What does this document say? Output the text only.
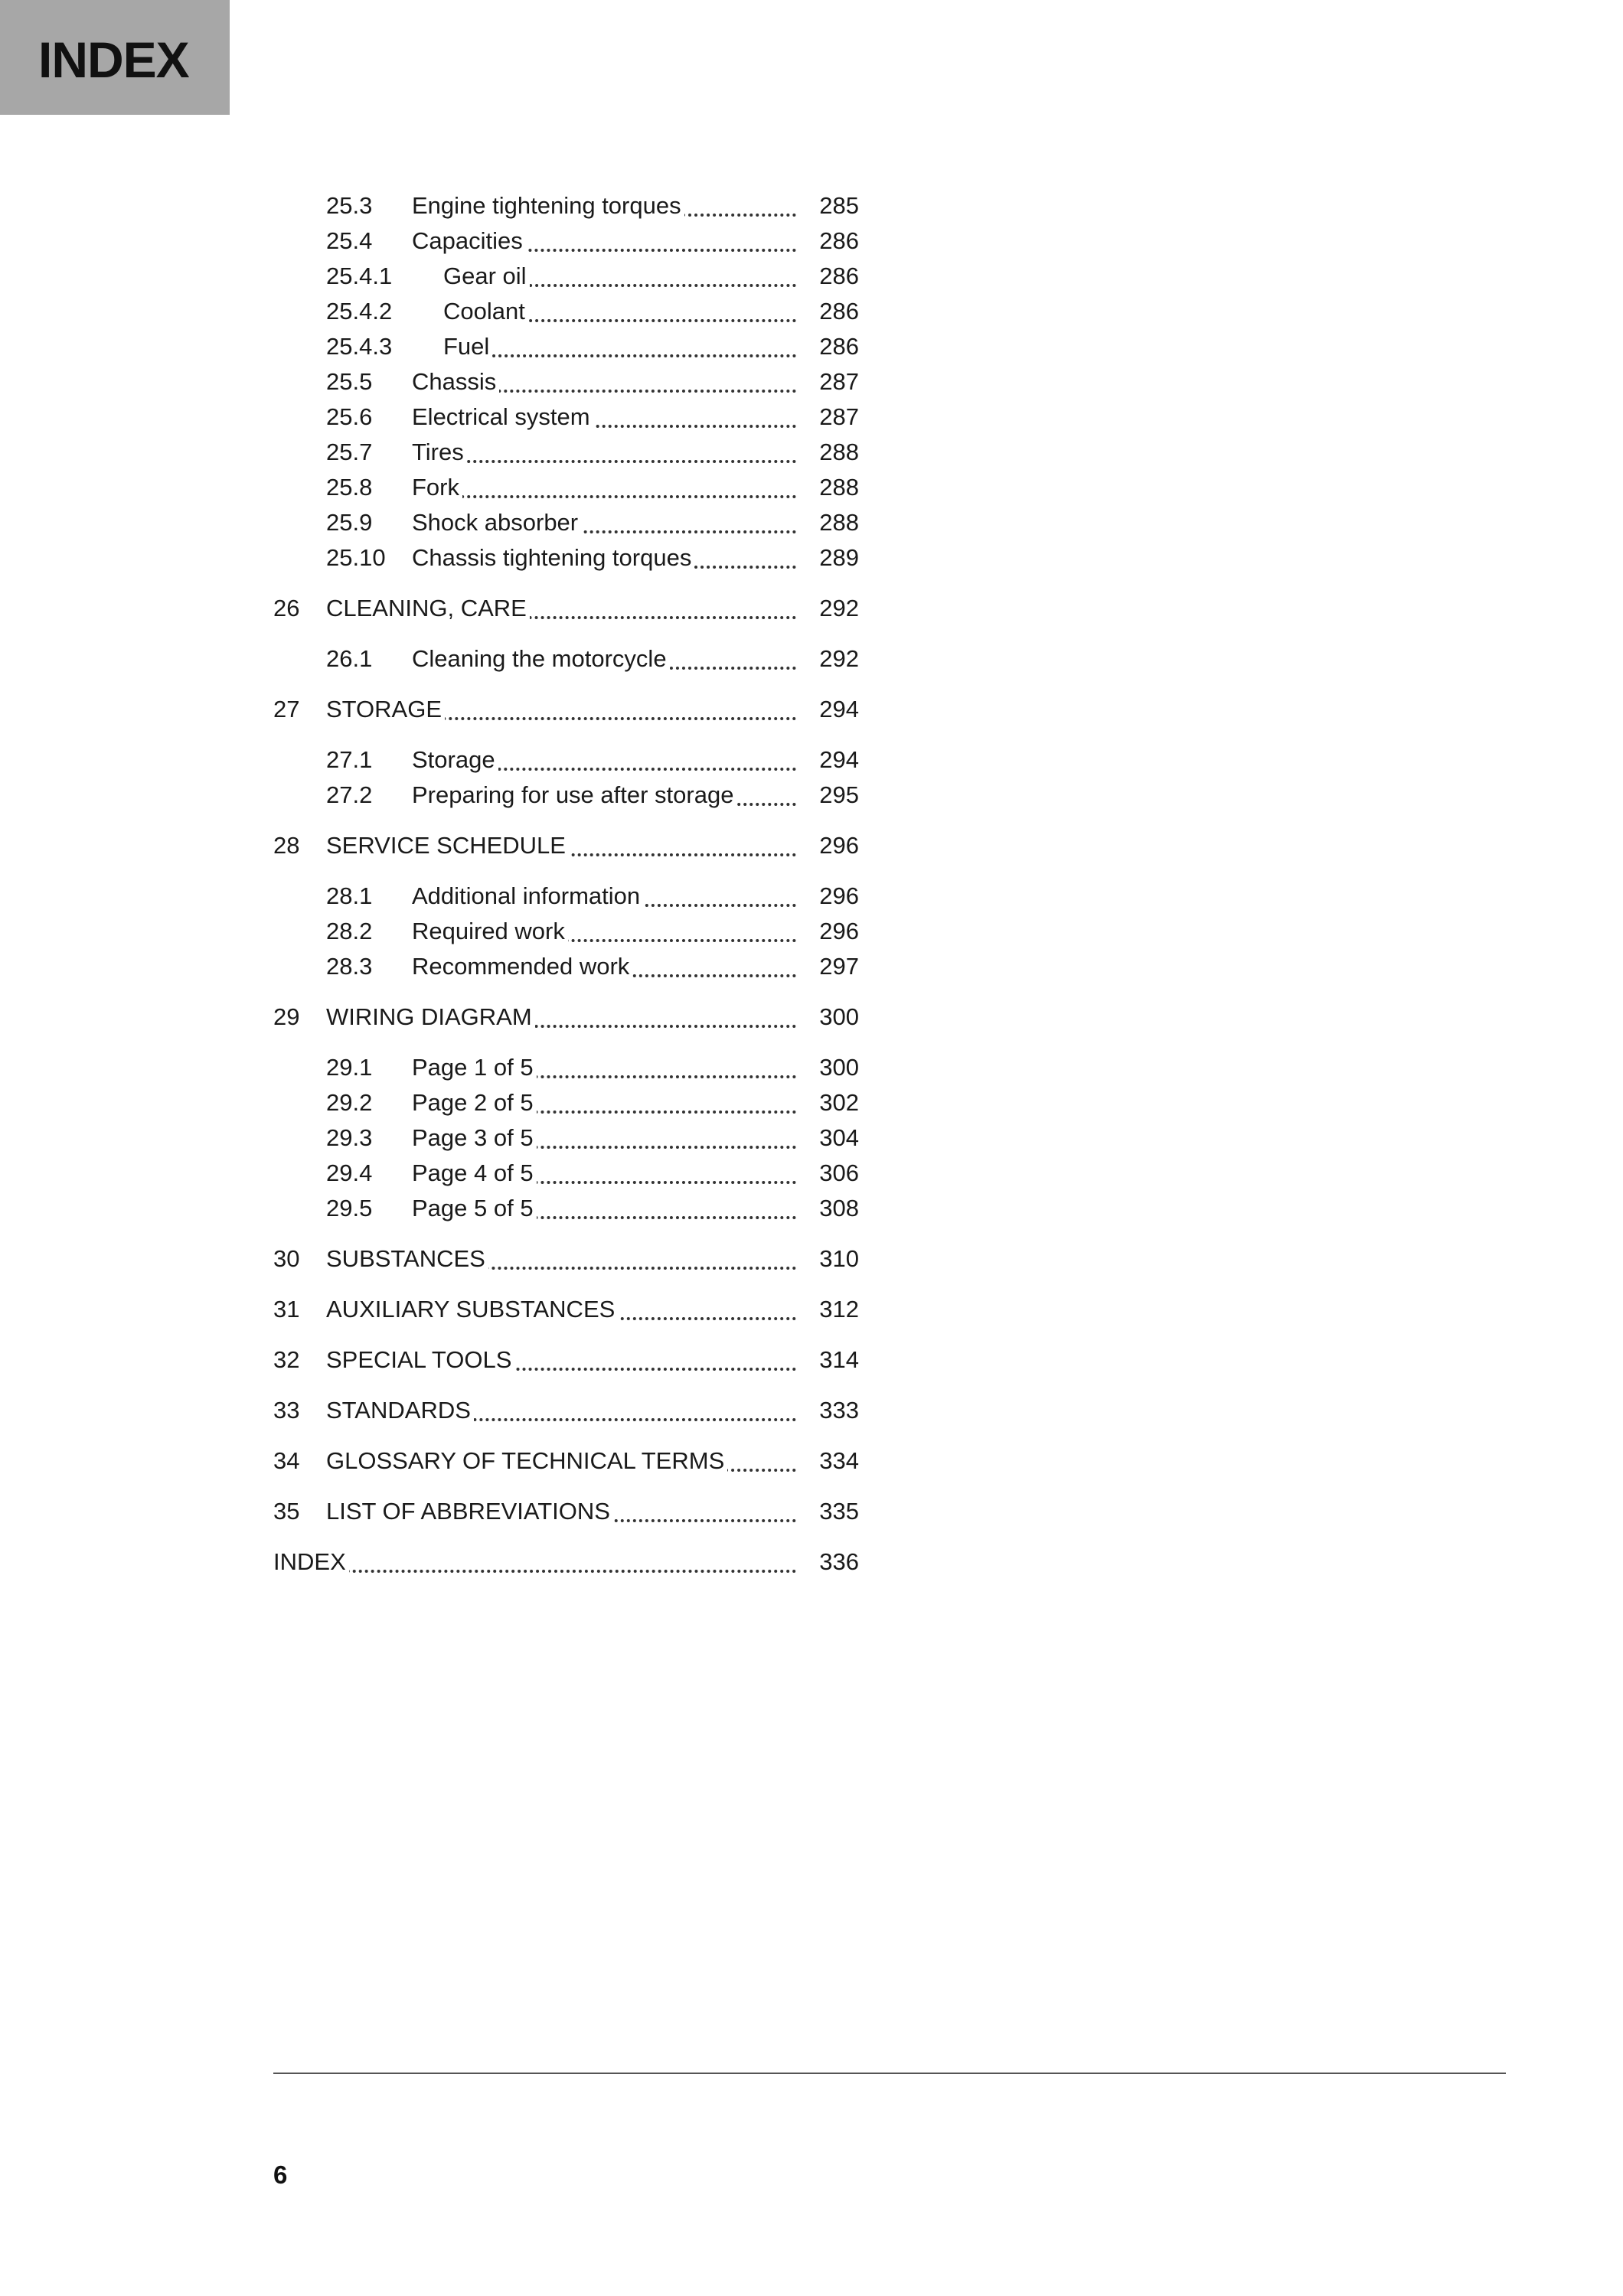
INDEX
25.3 Engine tightening torques	285
25.4 Capacities	286
25.4.1 Gear oil	286
25.4.2 Coolant	286
25.4.3 Fuel	286
25.5 Chassis	287
25.6 Electrical system	287
25.7 Tires	288
25.8 Fork	288
25.9 Shock absorber	288
25.10 Chassis tightening torques	289
26 CLEANING, CARE	292
26.1 Cleaning the motorcycle	292
27 STORAGE	294
27.1 Storage	294
27.2 Preparing for use after storage	295
28 SERVICE SCHEDULE	296
28.1 Additional information	296
28.2 Required work	296
28.3 Recommended work	297
29 WIRING DIAGRAM	300
29.1 Page 1 of 5	300
29.2 Page 2 of 5	302
29.3 Page 3 of 5	304
29.4 Page 4 of 5	306
29.5 Page 5 of 5	308
30 SUBSTANCES	310
31 AUXILIARY SUBSTANCES	312
32 SPECIAL TOOLS	314
33 STANDARDS	333
34 GLOSSARY OF TECHNICAL TERMS	334
35 LIST OF ABBREVIATIONS	335
INDEX	336
6
